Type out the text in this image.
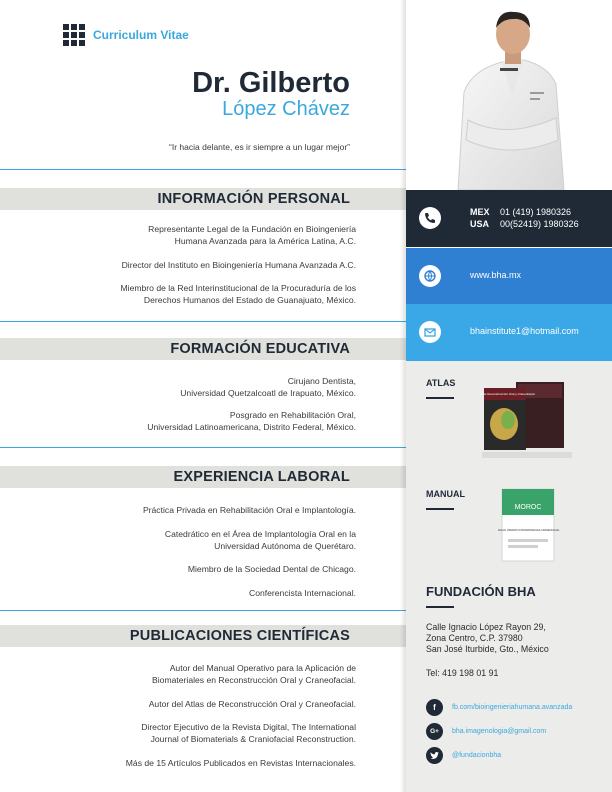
Curriculum Vitae
Dr. Gilberto
López Chávez
“Ir hacia delante, es ir siempre a un lugar mejor”
INFORMACIÓN PERSONAL
Representante Legal de la Fundación en Bioingeniería
Humana Avanzada para la América Latina, A.C.
Director del Instituto en Bioingeniería Humana Avanzada A.C.
Miembro de la Red Interinstitucional de la Procuraduría de los
Derechos Humanos del Estado de Guanajuato, México.
FORMACIÓN EDUCATIVA
Cirujano Dentista,
Universidad Quetzalcoatl de Irapuato, México.
Posgrado en Rehabilitación Oral,
Universidad Latinoamericana, Distrito Federal, México.
EXPERIENCIA LABORAL
Práctica Privada en Rehabilitación Oral e Implantología.
Catedrático en el Área de Implantología Oral en la
Universidad Autónoma de Querétaro.
Miembro de la Sociedad Dental de Chicago.
Conferencista Internacional.
PUBLICACIONES CIENTÍFICAS
Autor del Manual Operativo para la Aplicación de
Biomateriales en Reconstrucción Oral y Craneofacial.
Autor del Atlas de Reconstrucción Oral y Craneofacial.
Director Ejecutivo de la Revista Digital, The International
Journal of Biomaterials & Craniofacial Reconstruction.
Más de 15 Artículos Publicados en Revistas Internacionales.
MEX	01 (419) 1980326
USA	00(52419) 1980326
www.bha.mx
bhainstitute1@hotmail.com
ATLAS
Atlas de Reconstrucción Oral y Craneofacial
MANUAL
MOROC
MANUAL OPERATIVO BIOMATERIALES CRANEOFACIAL
FUNDACIÓN BHA
Calle Ignacio López Rayon 29,
Zona Centro, C.P. 37980
San José Iturbide, Gto., México
Tel: 419 198 01 91
f	fb.com/bioingenieriahumana.avanzada
G+	bha.imagenologia@gmail.com
@fundacionbha
